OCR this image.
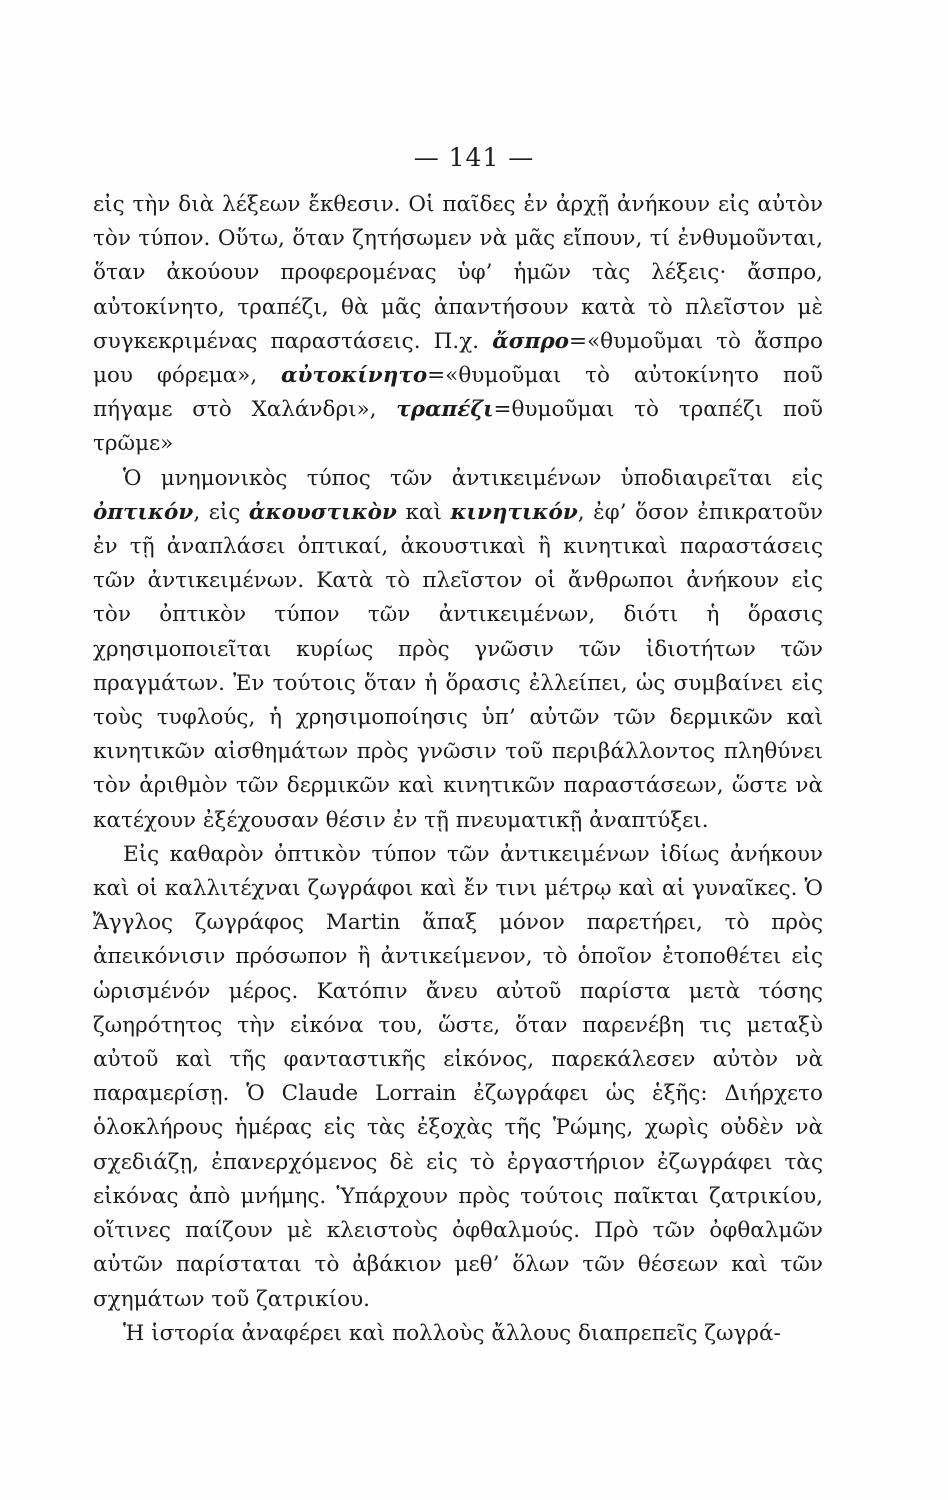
— 141 —

εἰς τὴν διὰ λέξεων ἔκθεσιν. Οἱ παῖδες ἐν ἀρχῇ ἀνήκουν εἰς αὐτὸν τὸν τύπον. Οὕτω, ὅταν ζητήσωμεν νὰ μᾶς εἴπουν, τί ἐνθυμοῦνται, ὅταν ἀκούουν προφερομένας ὑφ’ ἡμῶν τὰς λέξεις· ἄσπρο, αὐτοκίνητο, τραπέζι, θὰ μᾶς ἀπαντήσουν κατὰ τὸ πλεῖστον μὲ συγκεκριμένας παραστάσεις. Π.χ. ἄσπρο=«θυμοῦμαι τὸ ἄσπρο μου φόρεμα», αὐτοκίνητο=«θυμοῦμαι τὸ αὐτοκίνητο ποῦ πήγαμε στὸ Χαλάνδρι», τραπέζι=θυμοῦμαι τὸ τραπέζι ποῦ τρῶμε»

Ὁ μνημονικὸς τύπος τῶν ἀντικειμένων ὑποδιαιρεῖται εἰς ὀπτικόν, εἰς ἀκουστικὸν καὶ κινητικόν, ἐφ’ ὅσον ἐπικρατοῦν ἐν τῇ ἀναπλάσει ὀπτικαί, ἀκουστικαὶ ἢ κινητικαὶ παραστάσεις τῶν ἀντικειμένων. Κατὰ τὸ πλεῖστον οἱ ἄνθρωποι ἀνήκουν εἰς τὸν ὀπτικὸν τύπον τῶν ἀντικειμένων, διότι ἡ ὅρασις χρησιμοποιεῖται κυρίως πρὸς γνῶσιν τῶν ἰδιοτήτων τῶν πραγμάτων. Ἐν τούτοις ὅταν ἡ ὅρασις ἐλλείπει, ὡς συμβαίνει εἰς τοὺς τυφλούς, ἡ χρησιμοποίησις ὑπ’ αὐτῶν τῶν δερμικῶν καὶ κινητικῶν αἰσθημάτων πρὸς γνῶσιν τοῦ περιβάλλοντος πληθύνει τὸν ἀριθμὸν τῶν δερμικῶν καὶ κινητικῶν παραστάσεων, ὥστε νὰ κατέχουν ἐξέχουσαν θέσιν ἐν τῇ πνευματικῇ ἀναπτύξει.

Εἰς καθαρὸν ὀπτικὸν τύπον τῶν ἀντικειμένων ἰδίως ἀνήκουν καὶ οἱ καλλιτέχναι ζωγράφοι καὶ ἔν τινι μέτρῳ καὶ αἱ γυναῖκες. Ὁ Ἄγγλος ζωγράφος Martin ἅπαξ μόνον παρετήρει, τὸ πρὸς ἀπεικόνισιν πρόσωπον ἢ ἀντικείμενον, τὸ ὁποῖον ἐτοποθέτει εἰς ὡρισμένόν μέρος. Κατόπιν ἄνευ αὐτοῦ παρίστα μετὰ τόσης ζωηρότητος τὴν εἰκόνα του, ὥστε, ὅταν παρενέβη τις μεταξὺ αὐτοῦ καὶ τῆς φανταστικῆς εἰκόνος, παρεκάλεσεν αὐτὸν νὰ παραμερίσῃ. Ὁ Claude Lorrain ἐζωγράφει ὡς ἑξῆς: Διήρχετο ὁλοκλήρους ἡμέρας εἰς τὰς ἐξοχὰς τῆς Ῥώμης, χωρὶς οὐδὲν νὰ σχεδιάζῃ, ἐπανερχόμενος δὲ εἰς τὸ ἐργαστήριον ἐζωγράφει τὰς εἰκόνας ἀπὸ μνήμης. Ὑπάρχουν πρὸς τούτοις παῖκται ζατρικίου, οἵτινες παίζουν μὲ κλειστοὺς ὀφθαλμούς. Πρὸ τῶν ὀφθαλμῶν αὐτῶν παρίσταται τὸ ἀβάκιον μεθ’ ὅλων τῶν θέσεων καὶ τῶν σχημάτων τοῦ ζατρικίου.

Ἡ ἱστορία ἀναφέρει καὶ πολλοὺς ἄλλους διαπρεπεῖς ζωγρά-
